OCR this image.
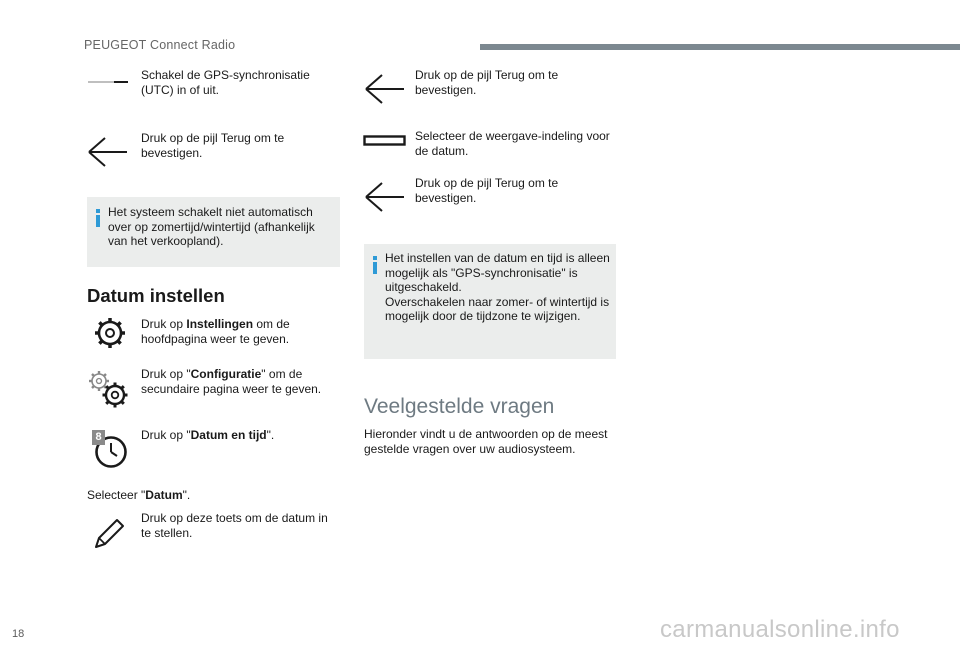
PEUGEOT Connect Radio
Schakel de GPS-synchronisatie (UTC) in of uit.
Druk op de pijl Terug om te bevestigen.
Het systeem schakelt niet automatisch over op zomertijd/wintertijd (afhankelijk van het verkoopland).
Datum instellen
Druk op Instellingen om de hoofdpagina weer te geven.
Druk op "Configuratie" om de secundaire pagina weer te geven.
8	Druk op "Datum en tijd".
Selecteer "Datum".
Druk op deze toets om de datum in te stellen.
Druk op de pijl Terug om te bevestigen.
Selecteer de weergave-indeling voor de datum.
Druk op de pijl Terug om te bevestigen.
Het instellen van de datum en tijd is alleen mogelijk als "GPS-synchronisatie" is uitgeschakeld.
Overschakelen naar zomer- of wintertijd is mogelijk door de tijdzone te wijzigen.
Veelgestelde vragen
Hieronder vindt u de antwoorden op de meest gestelde vragen over uw audiosysteem.
18	carmanualsonline.info
